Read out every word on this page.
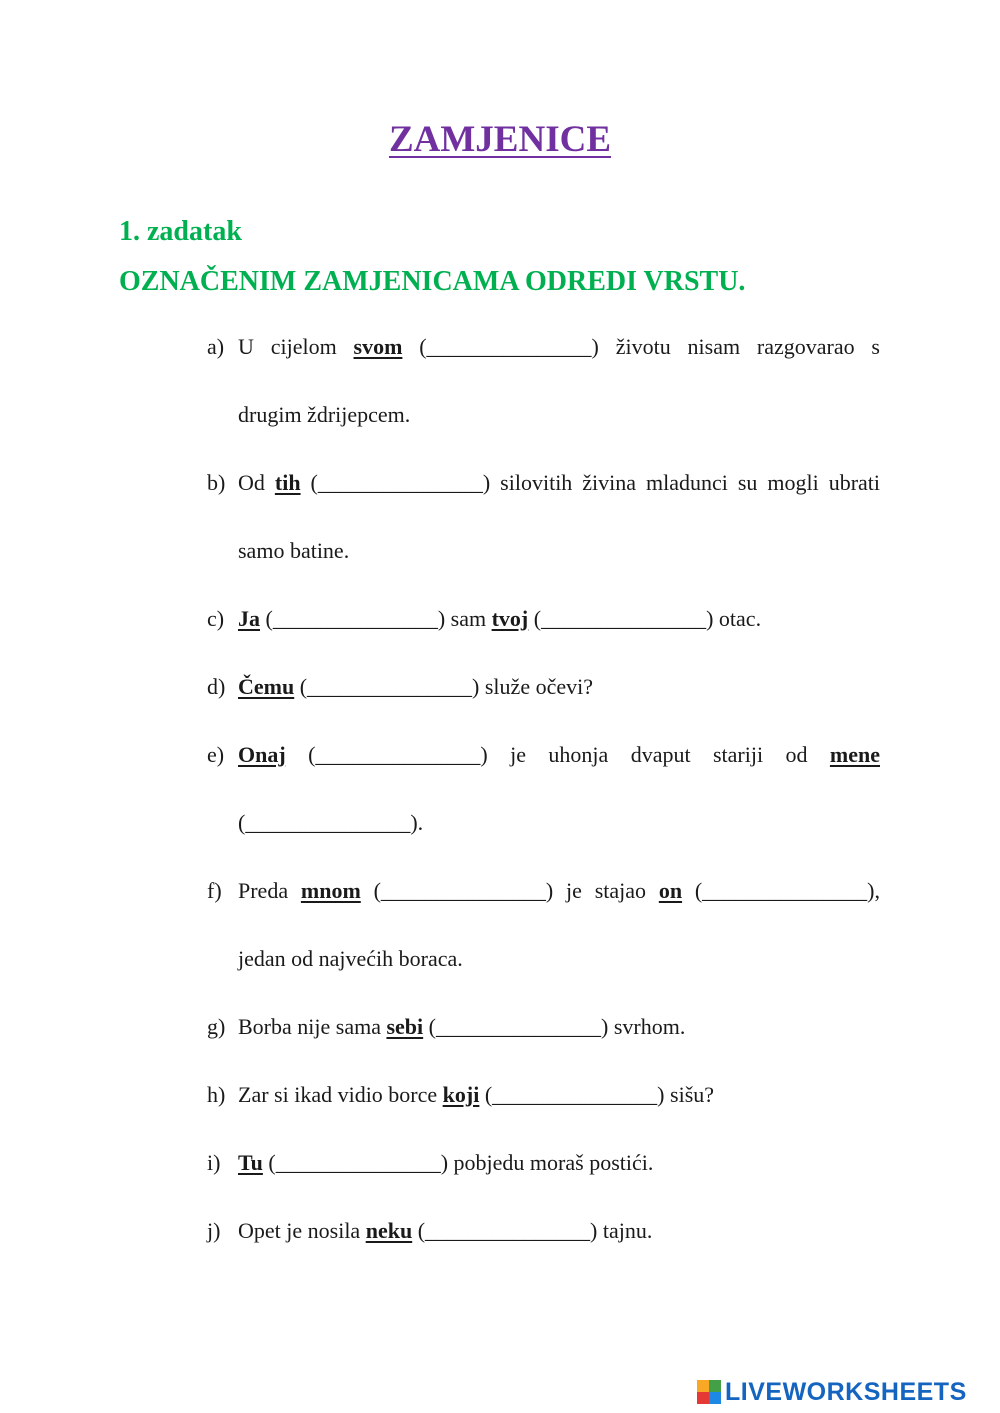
ZAMJENICE
1. zadatak
OZNAČENIM ZAMJENICAMA ODREDI VRSTU.
a) U cijelom svom (_______________) životu nisam razgovarao s
drugim ždrijepcem.
b) Od tih (_______________) silovitih živina mladunci su mogli ubrati
samo batine.
c) Ja (_______________) sam tvoj (_______________) otac.
d) Čemu (_______________) služe očevi?
e) Onaj (_______________) je uhonja dvaput stariji od mene
(_______________).
f) Preda mnom (_______________) je stajao on (_______________),
jedan od najvećih boraca.
g) Borba nije sama sebi (_______________) svrhom.
h) Zar si ikad vidio borce koji (_______________) sišu?
i) Tu (_______________) pobjedu moraš postići.
j) Opet je nosila neku (_______________) tajnu.
LIVEWORKSHEETS
